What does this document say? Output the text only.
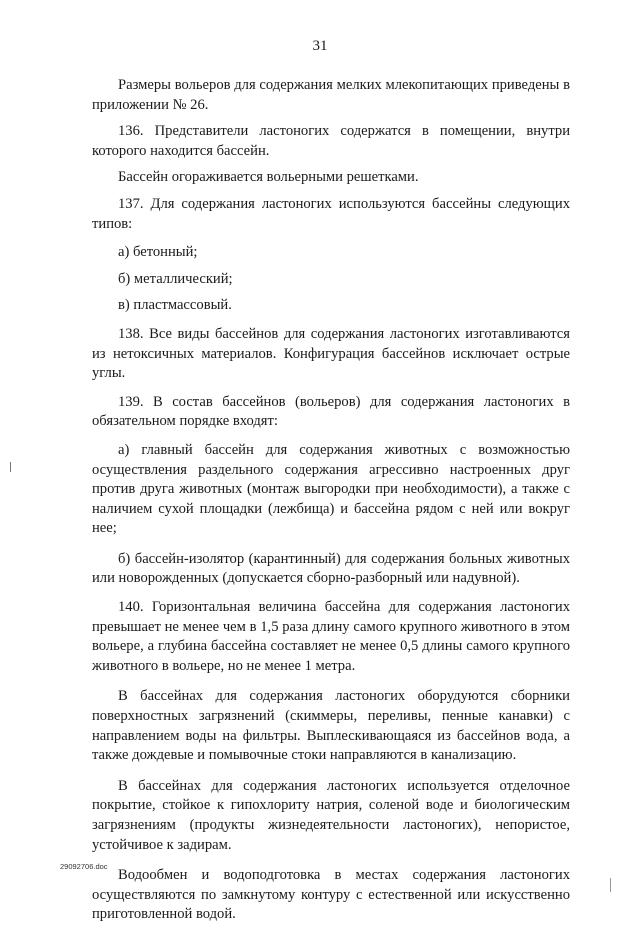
31

Размеры вольеров для содержания мелких млекопитающих приведены в приложении № 26.

136. Представители ластоногих содержатся в помещении, внутри которого находится бассейн.

Бассейн огораживается вольерными решетками.

137. Для содержания ластоногих используются бассейны следующих типов:

а) бетонный;

б) металлический;

в) пластмассовый.

138. Все виды бассейнов для содержания ластоногих изготавливаются из нетоксичных материалов. Конфигурация бассейнов исключает острые углы.

139. В состав бассейнов (вольеров) для содержания ластоногих в обязательном порядке входят:

а) главный бассейн для содержания животных с возможностью осуществления раздельного содержания агрессивно настроенных друг против друга животных (монтаж выгородки при необходимости), а также с наличием сухой площадки (лежбища) и бассейна рядом с ней или вокруг нее;

б) бассейн-изолятор (карантинный) для содержания больных животных или новорожденных (допускается сборно-разборный или надувной).

140. Горизонтальная величина бассейна для содержания ластоногих превышает не менее чем в 1,5 раза длину самого крупного животного в этом вольере, а глубина бассейна составляет не менее 0,5 длины самого крупного животного в вольере, но не менее 1 метра.

В бассейнах для содержания ластоногих оборудуются сборники поверхностных загрязнений (скиммеры, переливы, пенные канавки) с направлением воды на фильтры. Выплескивающаяся из бассейнов вода, а также дождевые и помывочные стоки направляются в канализацию.

В бассейнах для содержания ластоногих используется отделочное покрытие, стойкое к гипохлориту натрия, соленой воде и биологическим загрязнениям (продукты жизнедеятельности ластоногих), непористое, устойчивое к задирам.

Водообмен и водоподготовка в местах содержания ластоногих осуществляются по замкнутому контуру с естественной или искусственно приготовленной водой.

29092706.doc
